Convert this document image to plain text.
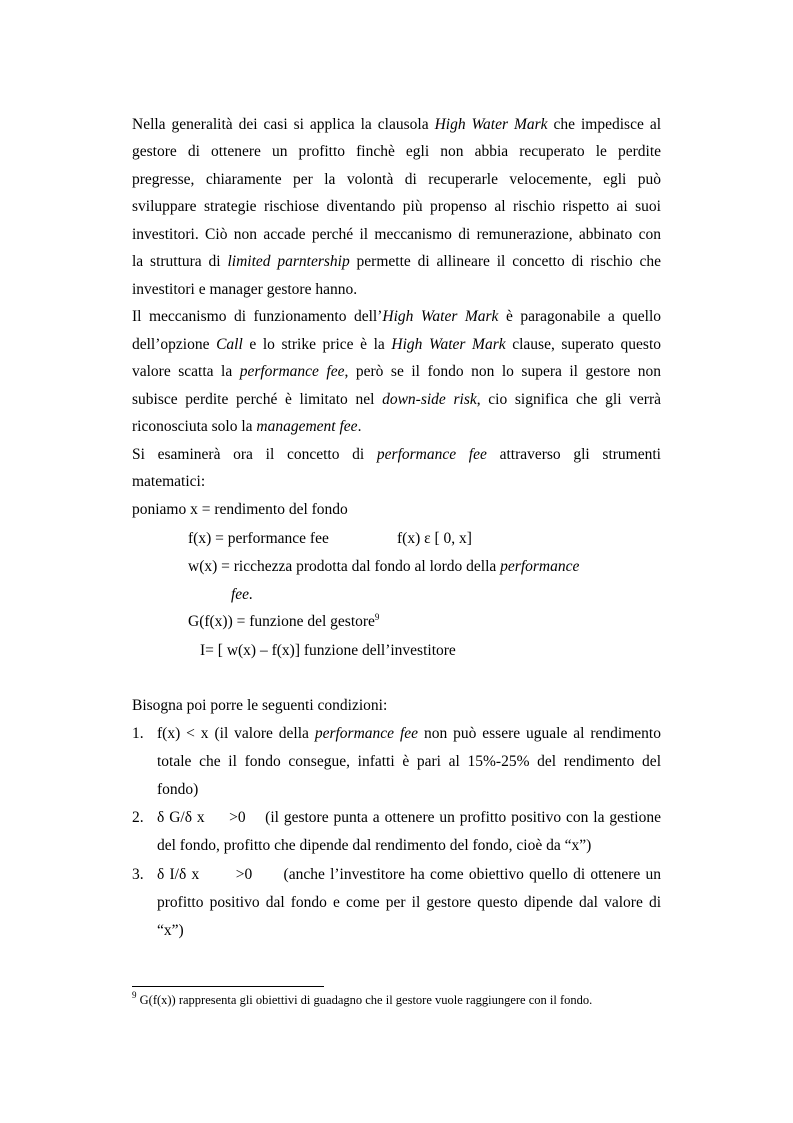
Nella generalità dei casi si applica la clausola High Water Mark che impedisce al
gestore di ottenere un profitto finchè egli non abbia recuperato le perdite
pregresse, chiaramente per la volontà di recuperarle velocemente, egli può
sviluppare strategie rischiose diventando più propenso al rischio rispetto ai suoi
investitori. Ciò non accade perché il meccanismo di remunerazione, abbinato con
la struttura di limited parntership permette di allineare il concetto di rischio che
investitori e manager gestore hanno.
Il meccanismo di funzionamento dell’High Water Mark è paragonabile a quello
dell’opzione Call e lo strike price è la High Water Mark clause, superato questo
valore scatta la performance fee, però se il fondo non lo supera il gestore non
subisce perdite perché è limitato nel down-side risk, cio significa che gli verrà
riconosciuta solo la management fee.
Si esaminerà ora il concetto di performance fee attraverso gli strumenti
matematici:
poniamo x = rendimento del fondo
f(x) = performance fee	f(x) ε [ 0, x]
w(x) = ricchezza prodotta dal fondo al lordo della performance
fee.
G(f(x)) = funzione del gestore$^9$
I= [ w(x) – f(x)] funzione dell’investitore
Bisogna poi porre le seguenti condizioni:
1. f(x) < x (il valore della performance fee non può essere uguale al rendimento
totale che il fondo consegue, infatti è pari al 15%-25% del rendimento del
fondo)
2. δ G/δ x     >0    (il gestore punta a ottenere un profitto positivo con la gestione
del fondo, profitto che dipende dal rendimento del fondo, cioè da “x”)
3. δ I/δ x       >0      (anche l’investitore ha come obiettivo quello di ottenere un
profitto positivo dal fondo e come per il gestore questo dipende dal valore di
“x”)
$^9$ G(f(x)) rappresenta gli obiettivi di guadagno che il gestore vuole raggiungere con il fondo.
